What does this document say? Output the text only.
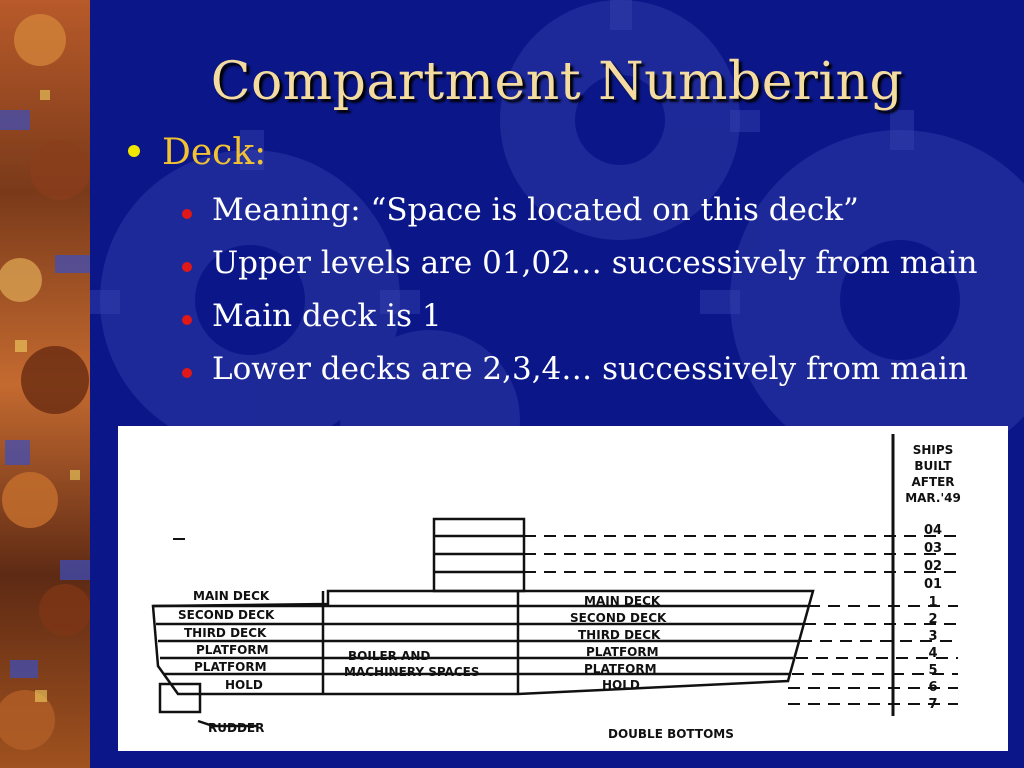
Compartment Numbering
Deck:
Meaning: “Space is located on this deck”
Upper levels are 01,02… successively from main
Main deck is 1
Lower decks are 2,3,4… successively from main
MAIN DECK
SECOND DECK
THIRD DECK
PLATFORM
PLATFORM
HOLD
BOILER AND
MACHINERY SPACES
MAIN DECK
SECOND DECK
THIRD DECK
PLATFORM
PLATFORM
HOLD
RUDDER	DOUBLE BOTTOMS
SHIPS
BUILT
AFTER
MAR.'49
04
03
02
01
1
2
3
4
5
6
7
